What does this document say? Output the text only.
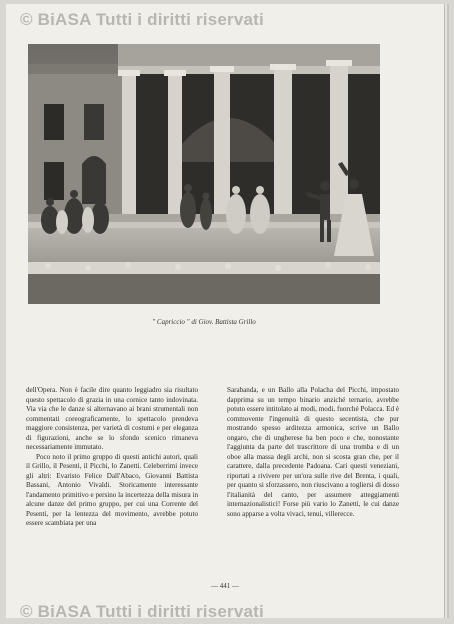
© BiASA Tutti i diritti riservati
" Capriccio " di Giov. Battista Grillo

dell'Opera. Non è facile dire quanto leggiadro sia risultato questo spettacolo di grazia in una cornice tanto indovinata. Via via che le danze si alternavano ai brani strumentali non commentati coreograficamente, lo spettacolo prendeva maggiore consistenza, per varietà di costumi e per eleganza di figurazioni, anche se lo sfondo scenico rimaneva necessariamente immutato.

Poco noto il primo gruppo di questi antichi autori, quali il Grillo, il Pesenti, il Picchi, lo Zanetti. Celeberrimi invece gli altri: Evaristo Felice Dall'Abaco, Giovanni Battista Bassani, Antonio Vivaldi. Storicamente interessante l'andamento primitivo e persino la incertezza della misura in alcune danze del primo gruppo, per cui una Corrente del Pesenti, per la lentezza del movimento, avrebbe potuto essere scambiata per una

Sarabanda, e un Ballo alla Polacha del Picchi, impostato dapprima su un tempo binario anziché ternario, avrebbe potuto essere intitolato ai modi, modi, fuorché Polacca. Ed è commovente l'ingenuità di questo secentista, che pur mostrando spesso arditezza armonica, scrive un Ballo ongaro, che di ungherese ha ben poco e che, nonostante l'aggiunta da parte del trascrittore di una tromba e di un oboe alla massa degli archi, non si scosta gran che, per il carattere, dalla precedente Padoana. Cari questi veneziani, riportati a rivivere per un'ora sulle rive del Brenta, i quali, per quanto si sforzassero, non riuscivano a togliersi di dosso l'italianità del canto, per assumere atteggiamenti internazionalistici! Forse più vario lo Zanetti, le cui danze sono apparse a volta vivaci, tenui, villerecce.

— 441 —
© BiASA Tutti i diritti riservati
